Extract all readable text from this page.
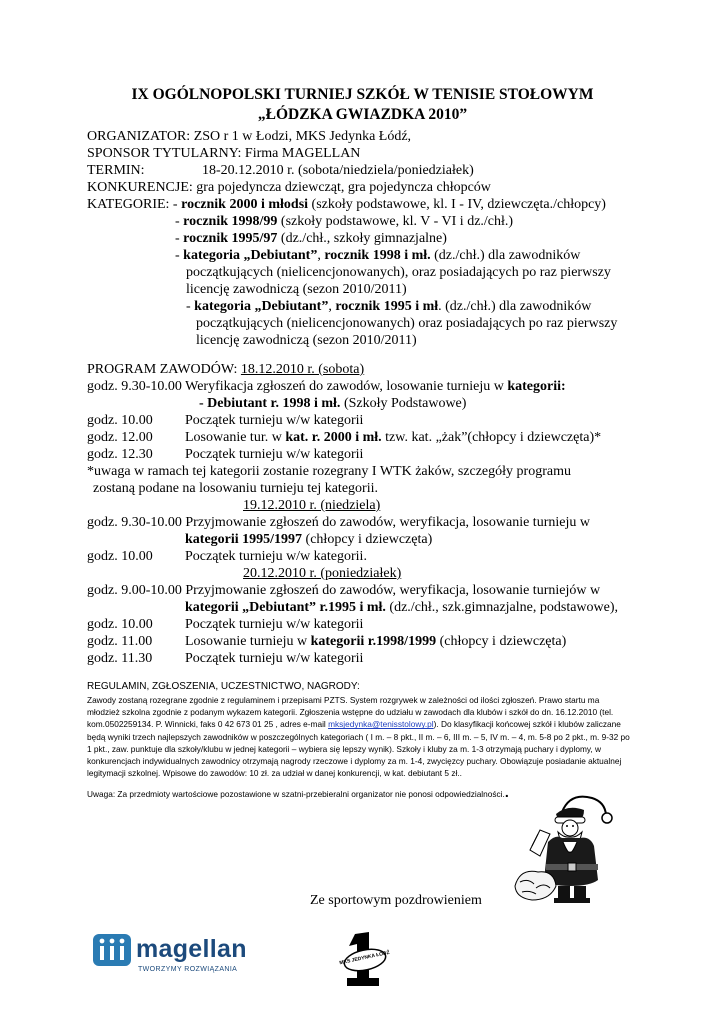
IX OGÓLNOPOLSKI TURNIEJ SZKÓŁ W TENISIE STOŁOWYM
„ŁÓDZKA GWIAZDKA 2010”
ORGANIZATOR: ZSO r 1 w Łodzi, MKS Jedynka Łódź,
SPONSOR TYTULARNY: Firma MAGELLAN
TERMIN:	18-20.12.2010 r. (sobota/niedziela/poniedziałek)
KONKURENCJE: gra pojedyncza dziewcząt, gra pojedyncza chłopców
KATEGORIE: - rocznik 2000 i młodsi (szkoły podstawowe, kl. I - IV, dziewczęta./chłopcy)
- rocznik 1998/99 (szkoły podstawowe, kl. V - VI i dz./chł.)
- rocznik 1995/97 (dz./chł., szkoły gimnazjalne)
- kategoria „Debiutant”, rocznik 1998 i mł. (dz./chł.) dla zawodników
początkujących (nielicencjonowanych), oraz posiadających po raz pierwszy
licencję zawodniczą (sezon 2010/2011)
- kategoria „Debiutant”, rocznik 1995 i mł. (dz./chł.) dla zawodników
początkujących (nielicencjonowanych) oraz posiadających po raz pierwszy
licencję zawodniczą (sezon 2010/2011)
PROGRAM ZAWODÓW: 18.12.2010 r. (sobota)
godz. 9.30-10.00 Weryfikacja zgłoszeń do zawodów, losowanie turnieju w kategorii:
- Debiutant r. 1998 i mł. (Szkoły Podstawowe)
godz. 10.00 Początek turnieju w/w kategorii
godz. 12.00 Losowanie tur. w kat. r. 2000 i mł. tzw. kat. „żak”(chłopcy i dziewczęta)*
godz. 12.30 Początek turnieju w/w kategorii
*uwaga w ramach tej kategorii zostanie rozegrany I WTK żaków, szczegóły programu
zostaną podane na losowaniu turnieju tej kategorii.
19.12.2010 r. (niedziela)
godz. 9.30-10.00 Przyjmowanie zgłoszeń do zawodów, weryfikacja, losowanie turnieju w
kategorii 1995/1997 (chłopcy i dziewczęta)
godz. 10.00 Początek turnieju w/w kategorii.
20.12.2010 r. (poniedziałek)
godz. 9.00-10.00 Przyjmowanie zgłoszeń do zawodów, weryfikacja, losowanie turniejów w
kategorii „Debiutant” r.1995 i mł. (dz./chł., szk.gimnazjalne, podstawowe),
godz. 10.00 Początek turnieju w/w kategorii
godz. 11.00 Losowanie turnieju w kategorii r.1998/1999 (chłopcy i dziewczęta)
godz. 11.30 Początek turnieju w/w kategorii
REGULAMIN, ZGŁOSZENIA, UCZESTNICTWO, NAGRODY:
Zawody zostaną rozegrane zgodnie z regulaminem i przepisami PZTS. System rozgrywek w zależności od ilości zgłoszeń. Prawo startu ma młodzież szkolna zgodnie z podanym wykazem kategorii. Zgłoszenia wstępne do udziału w zawodach dla klubów i szkół do dn. 16.12.2010 (tel. kom.0502259134. P. Winnicki, faks 0 42 673 01 25 , adres e-mail mksjedynka@tenisstolowy.pl). Do klasyfikacji końcowej szkół i klubów zaliczane będą wyniki trzech najlepszych zawodników w poszczególnych kategoriach ( I m. – 8 pkt., II m. – 6, III m. – 5, IV m. – 4, m. 5-8 po 2 pkt., m. 9-32 po 1 pkt., zaw. punktuje dla szkoły/klubu w jednej kategorii – wybiera się lepszy wynik). Szkoły i kluby za m. 1-3 otrzymają puchary i dyplomy, w konkurencjach indywidualnych zawodnicy otrzymają nagrody rzeczowe i dyplomy za m. 1-4, zwycięzcy puchary. Obowiązuje posiadanie aktualnej legitymacji szkolnej. Wpisowe do zawodów: 10 zł. za udział w danej konkurencji, w kat. debiutant 5 zł..
Uwaga: Za przedmioty wartościowe pozostawione w szatni-przebieralni organizator nie ponosi odpowiedzialności..
Ze sportowym pozdrowieniem
magellan
TWORZYMY ROZWIĄZANIA
MKS JEDYNKA ŁÓDŹ
